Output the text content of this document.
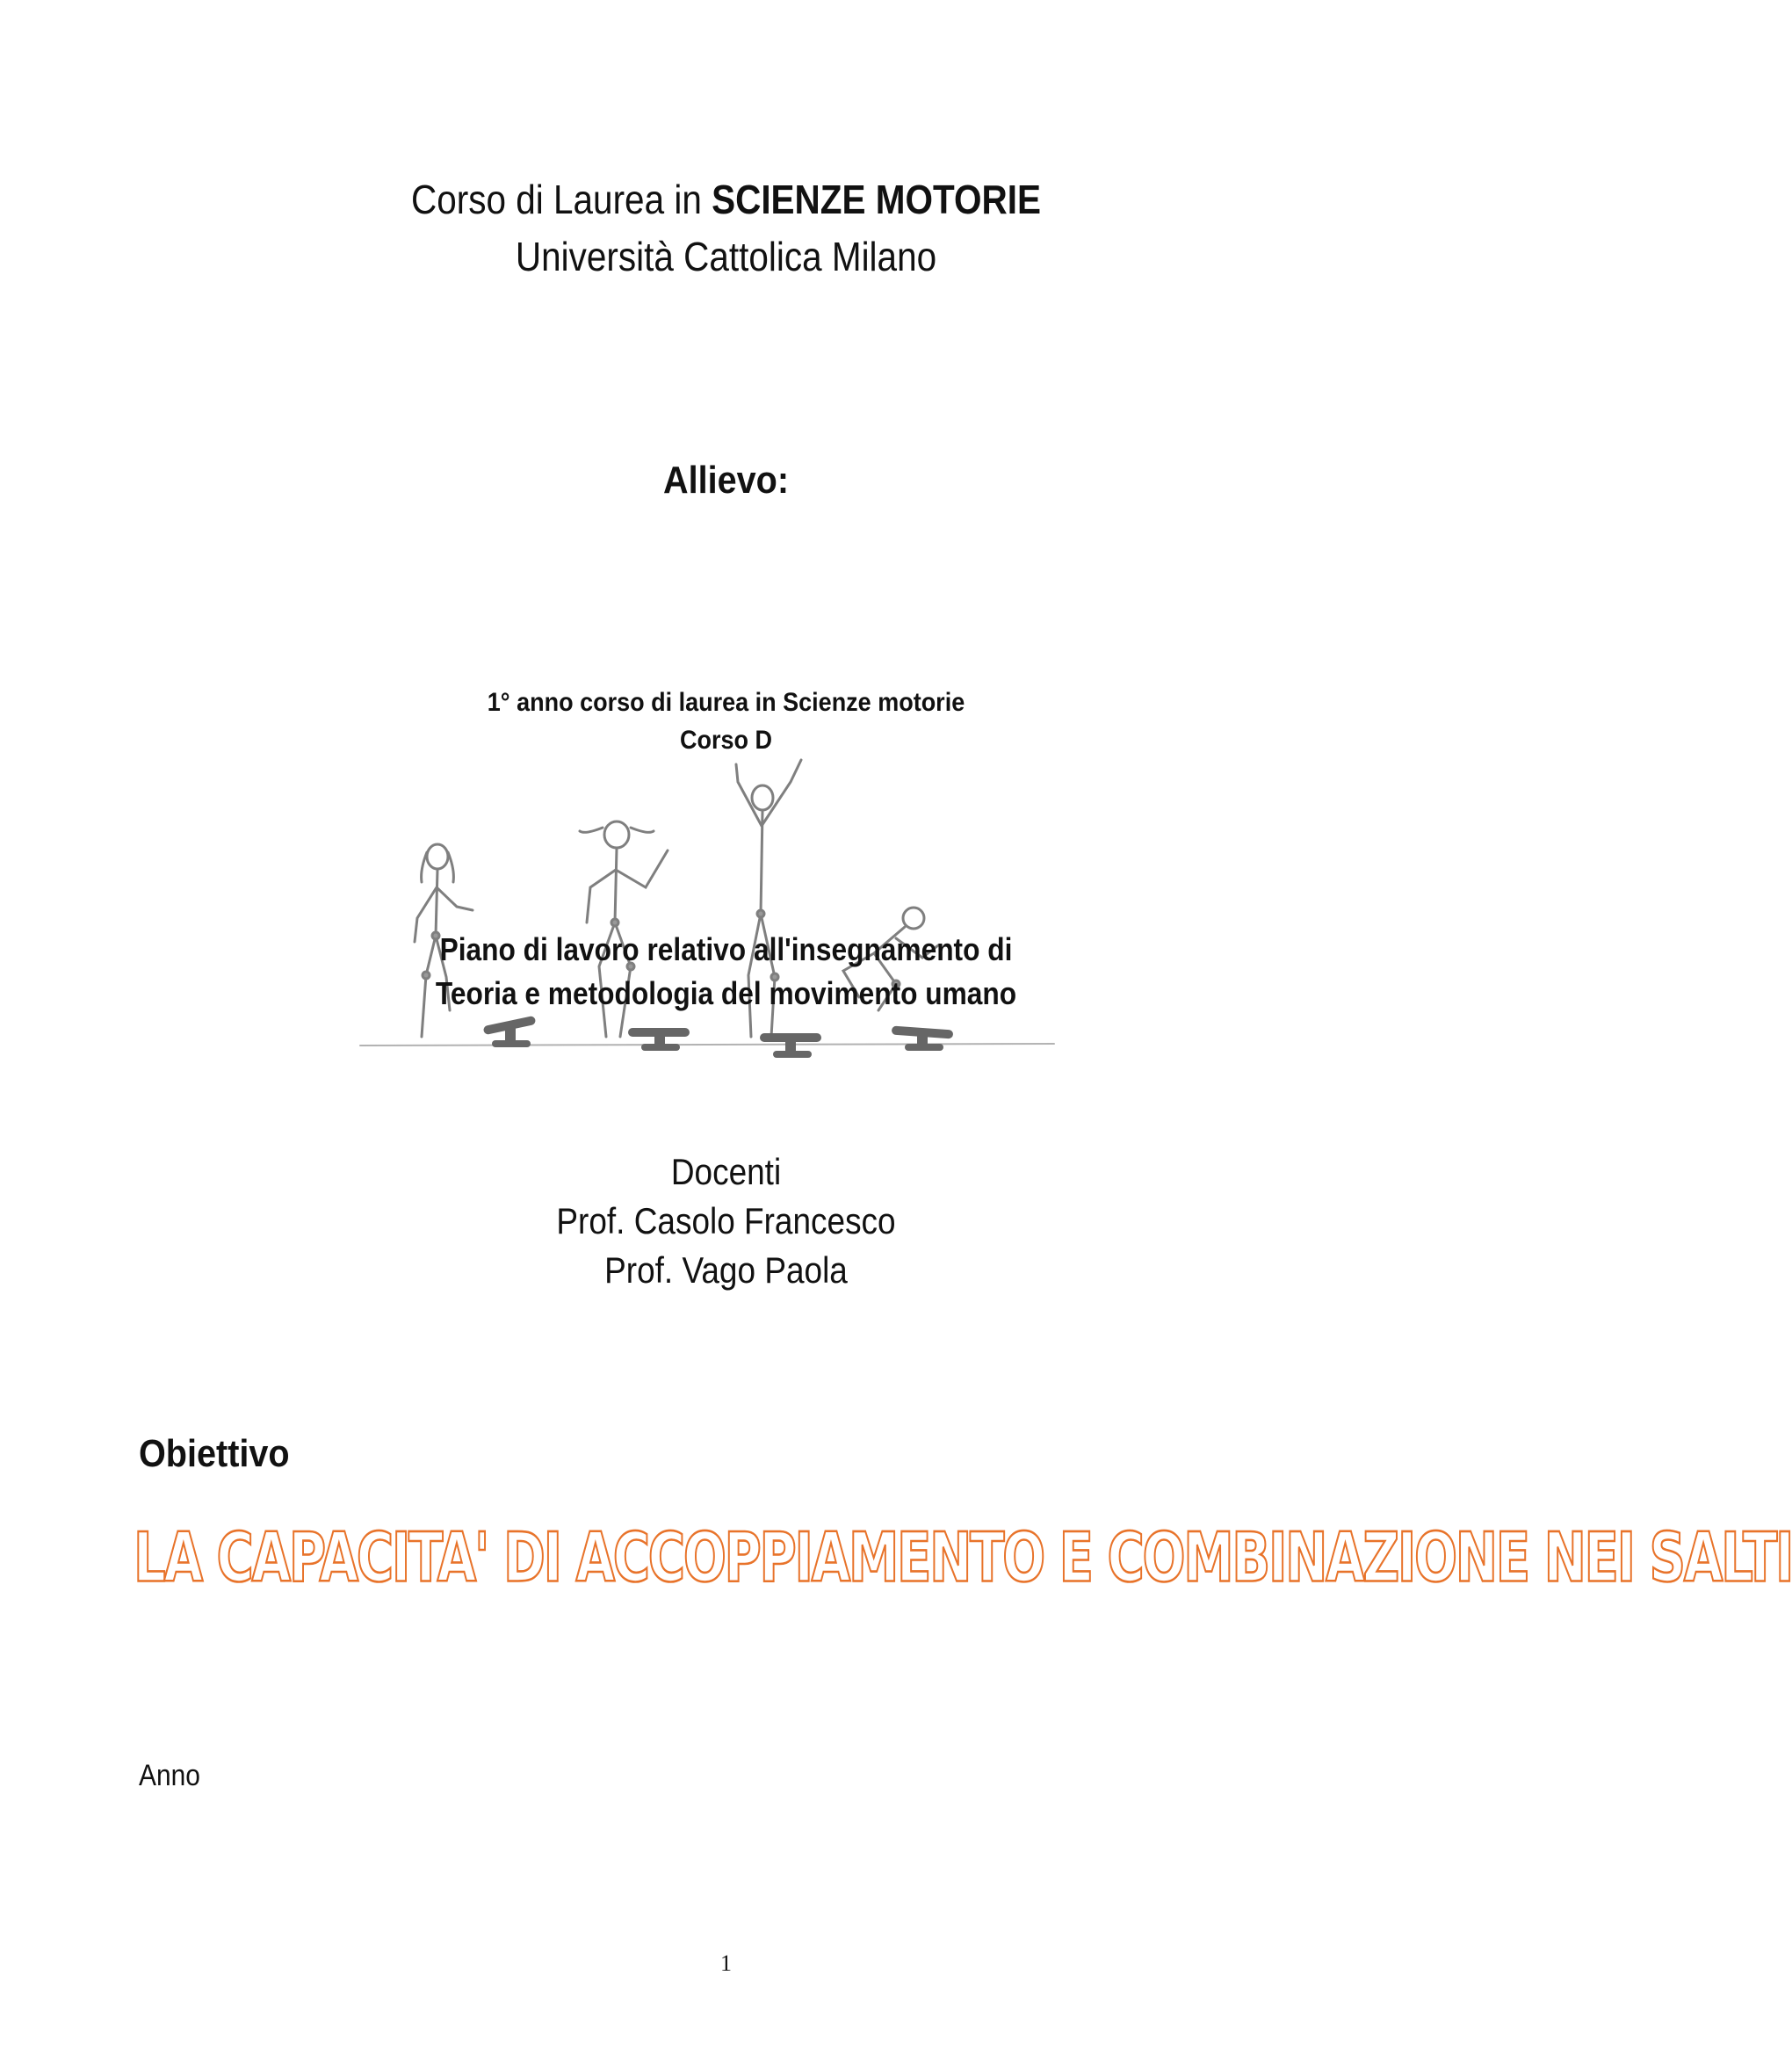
Corso di Laurea in SCIENZE MOTORIE
Università Cattolica Milano
Allievo:
1° anno corso di laurea in Scienze motorie
Corso D
Piano di lavoro relativo all'insegnamento di
Teoria e metodologia del movimento umano
Docenti
Prof. Casolo Francesco
Prof. Vago Paola
Obiettivo
LA CAPACITA' DI ACCOPPIAMENTO E COMBINAZIONE NEI SALTI
Anno
1
